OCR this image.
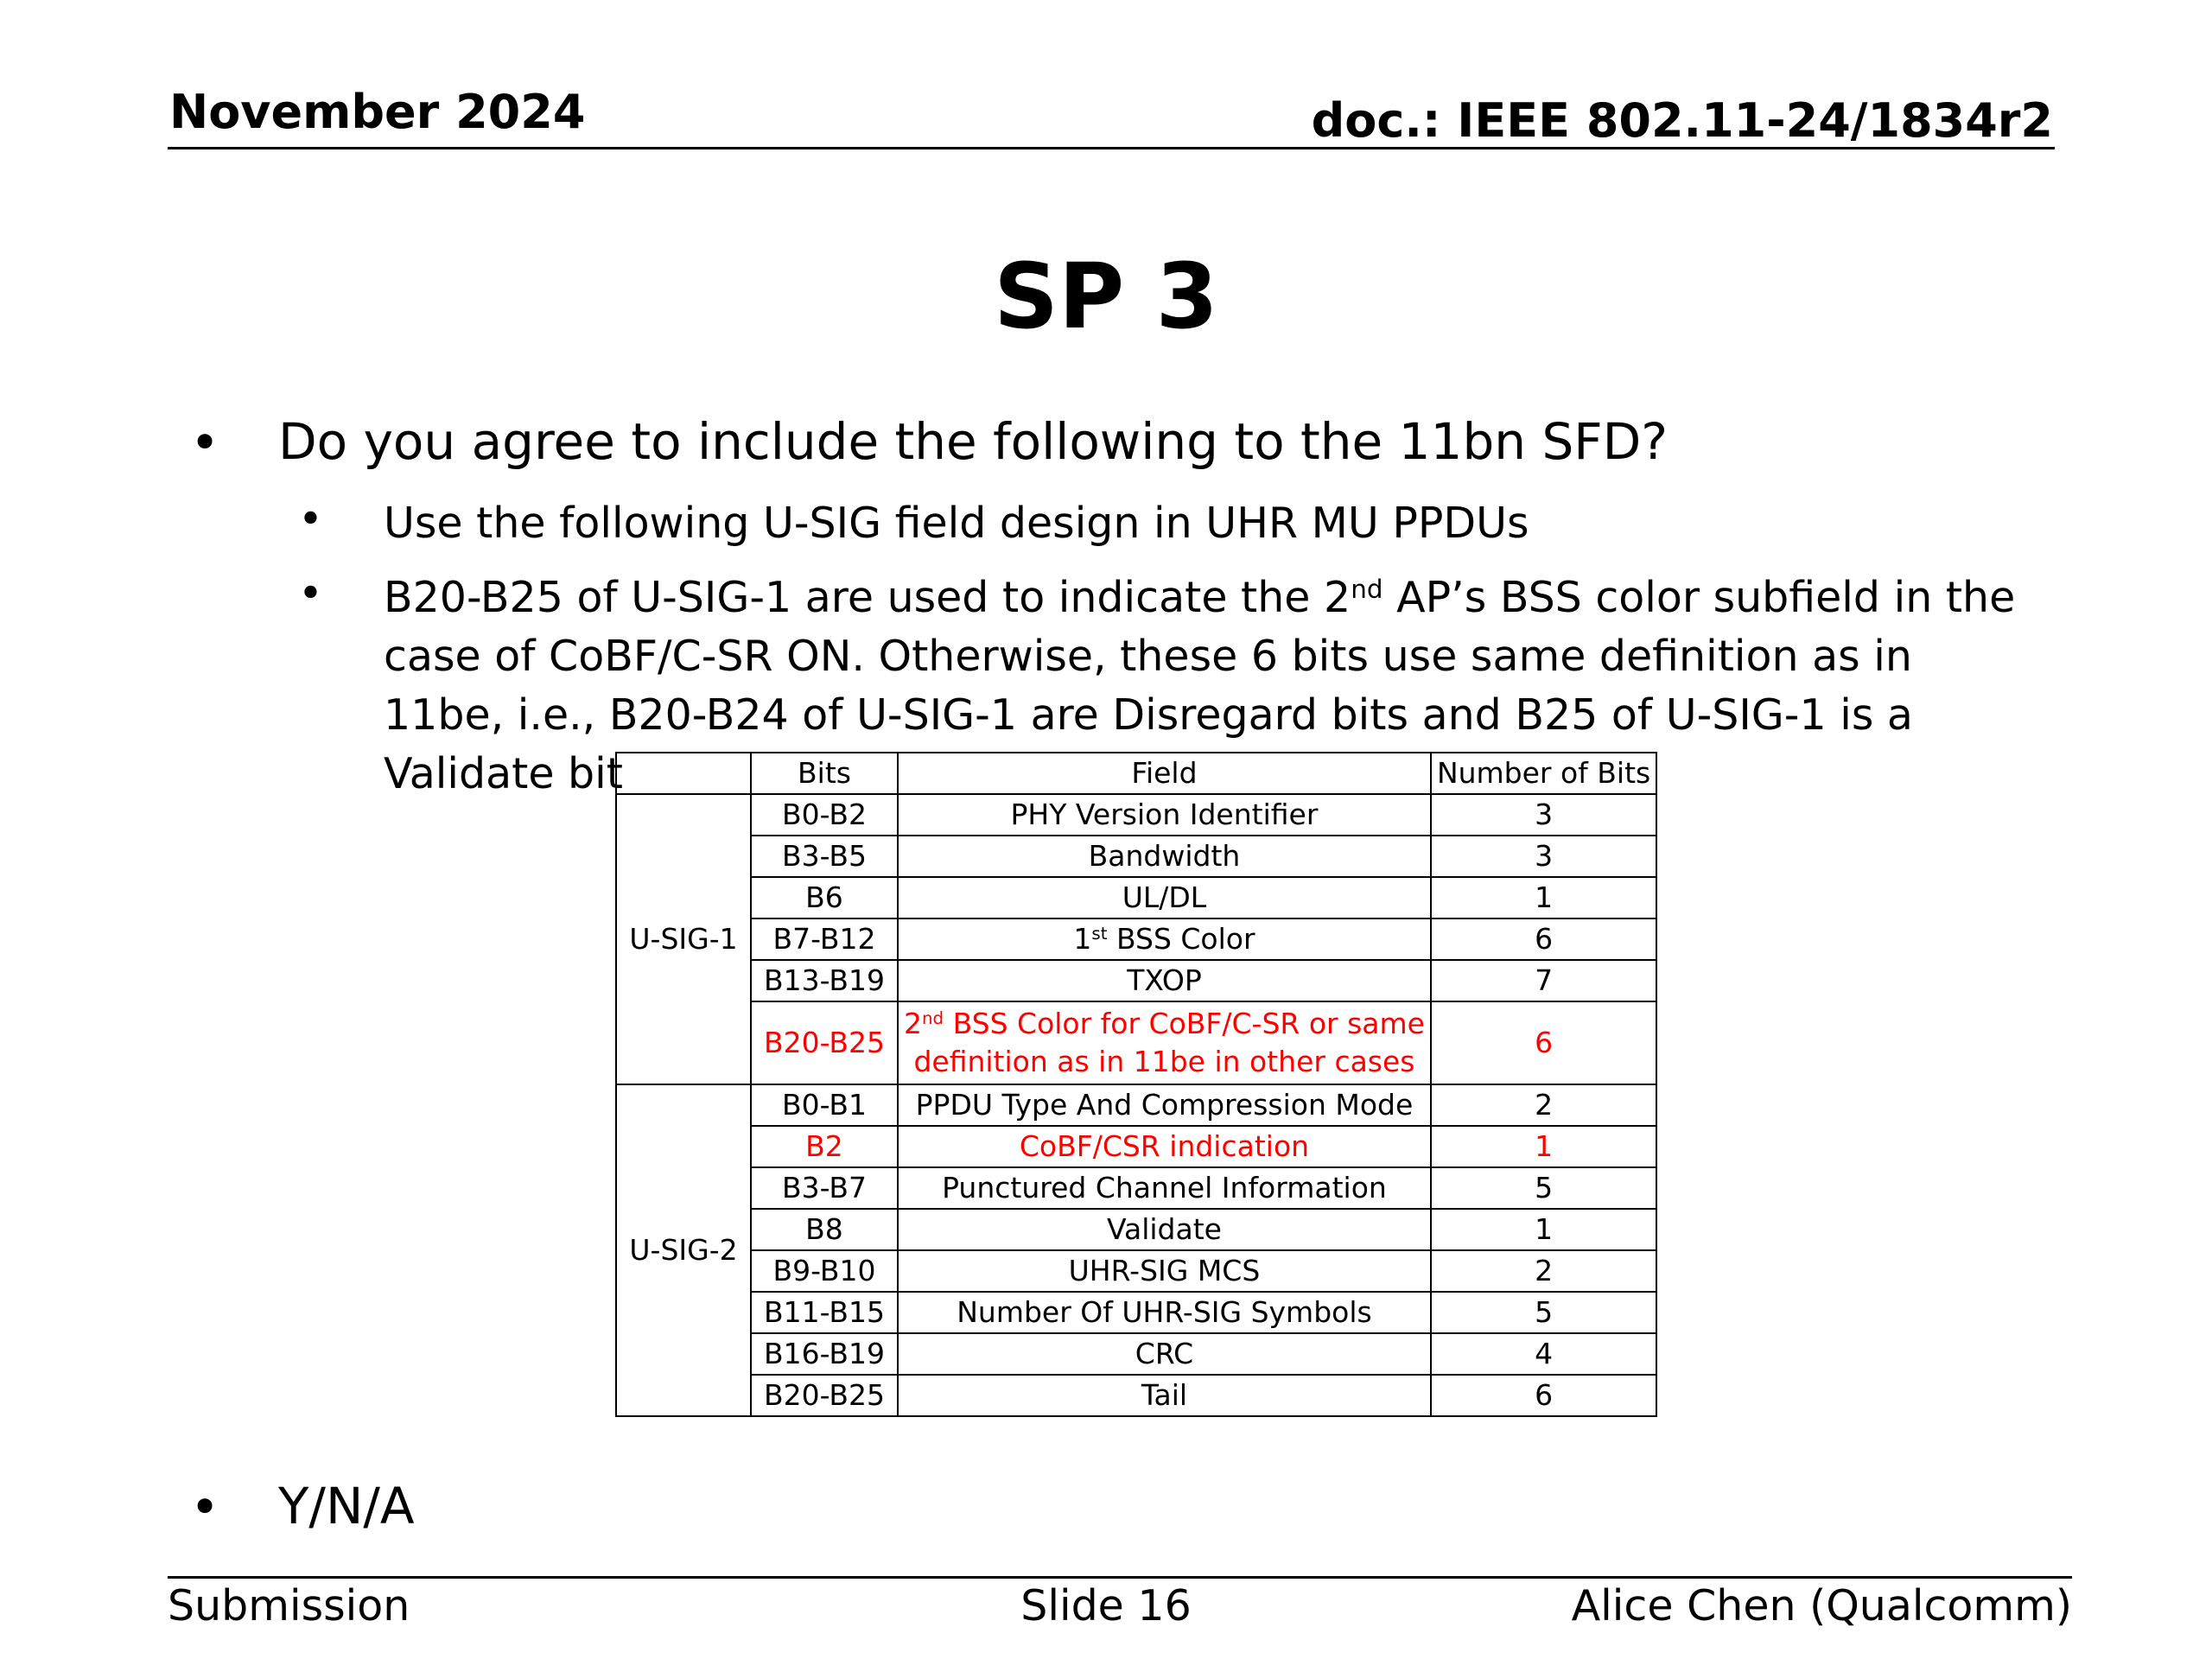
November 2024	doc.: IEEE 802.11-24/1834r2
SP 3
• Do you agree to include the following to the 11bn SFD?
• Use the following U-SIG field design in UHR MU PPDUs
• B20-B25 of U-SIG-1 are used to indicate the 2nd AP’s BSS color subfield in the case of CoBF/C-SR ON. Otherwise, these 6 bits use same definition as in 11be, i.e., B20-B24 of U-SIG-1 are Disregard bits and B25 of U-SIG-1 is a Validate bit
		Bits	Field	Number of Bits
U-SIG-1	B0-B2	PHY Version Identifier	3
	B3-B5	Bandwidth	3
	B6	UL/DL	1
	B7-B12	1st BSS Color	6
	B13-B19	TXOP	7
	B20-B25	2nd BSS Color for CoBF/C-SR or same
definition as in 11be in other cases	6
U-SIG-2	B0-B1	PPDU Type And Compression Mode	2
	B2	CoBF/CSR indication	1
	B3-B7	Punctured Channel Information	5
	B8	Validate	1
	B9-B10	UHR-SIG MCS	2
	B11-B15	Number Of UHR-SIG Symbols	5
	B16-B19	CRC	4
	B20-B25	Tail	6
• Y/N/A
Submission	Slide 16	Alice Chen (Qualcomm)
